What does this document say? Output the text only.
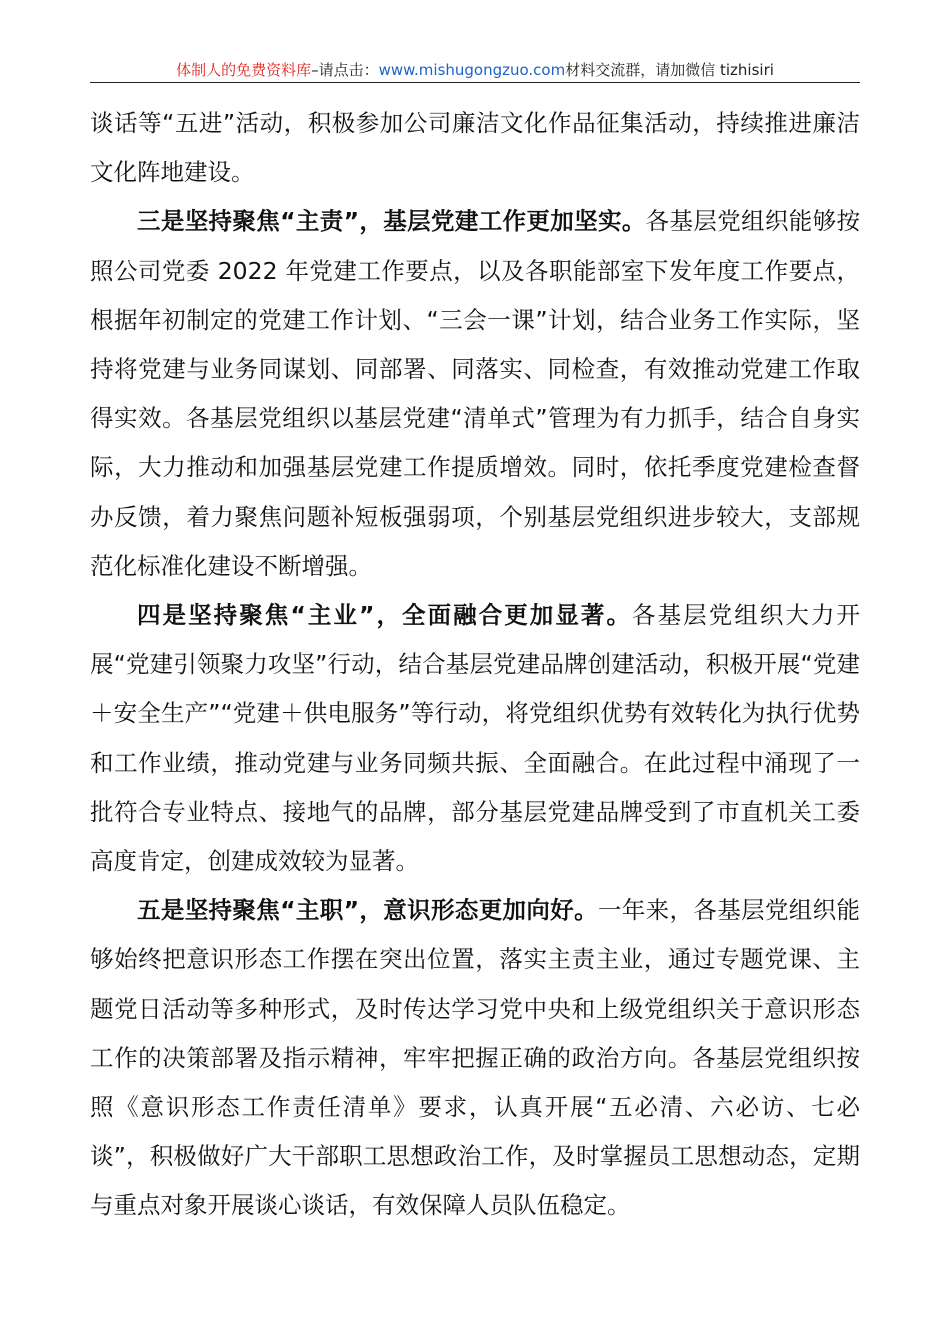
体制人的免费资料库–请点击：www.mishugongzuo.com材料交流群，请加微信 tizhisiri

谈话等“五进”活动，积极参加公司廉洁文化作品征集活动，持续推进廉洁文化阵地建设。

三是坚持聚焦“主责”，基层党建工作更加坚实。各基层党组织能够按照公司党委 2022 年党建工作要点，以及各职能部室下发年度工作要点，根据年初制定的党建工作计划、“三会一课”计划，结合业务工作实际，坚持将党建与业务同谋划、同部署、同落实、同检查，有效推动党建工作取得实效。各基层党组织以基层党建“清单式”管理为有力抓手，结合自身实际，大力推动和加强基层党建工作提质增效。同时，依托季度党建检查督办反馈，着力聚焦问题补短板强弱项，个别基层党组织进步较大，支部规范化标准化建设不断增强。

四是坚持聚焦“主业”，全面融合更加显著。各基层党组织大力开展“党建引领聚力攻坚”行动，结合基层党建品牌创建活动，积极开展“党建＋安全生产”“党建＋供电服务”等行动，将党组织优势有效转化为执行优势和工作业绩，推动党建与业务同频共振、全面融合。在此过程中涌现了一批符合专业特点、接地气的品牌，部分基层党建品牌受到了市直机关工委高度肯定，创建成效较为显著。

五是坚持聚焦“主职”，意识形态更加向好。一年来，各基层党组织能够始终把意识形态工作摆在突出位置，落实主责主业，通过专题党课、主题党日活动等多种形式，及时传达学习党中央和上级党组织关于意识形态工作的决策部署及指示精神，牢牢把握正确的政治方向。各基层党组织按照《意识形态工作责任清单》要求，认真开展“五必清、六必访、七必谈”，积极做好广大干部职工思想政治工作，及时掌握员工思想动态，定期与重点对象开展谈心谈话，有效保障人员队伍稳定。
